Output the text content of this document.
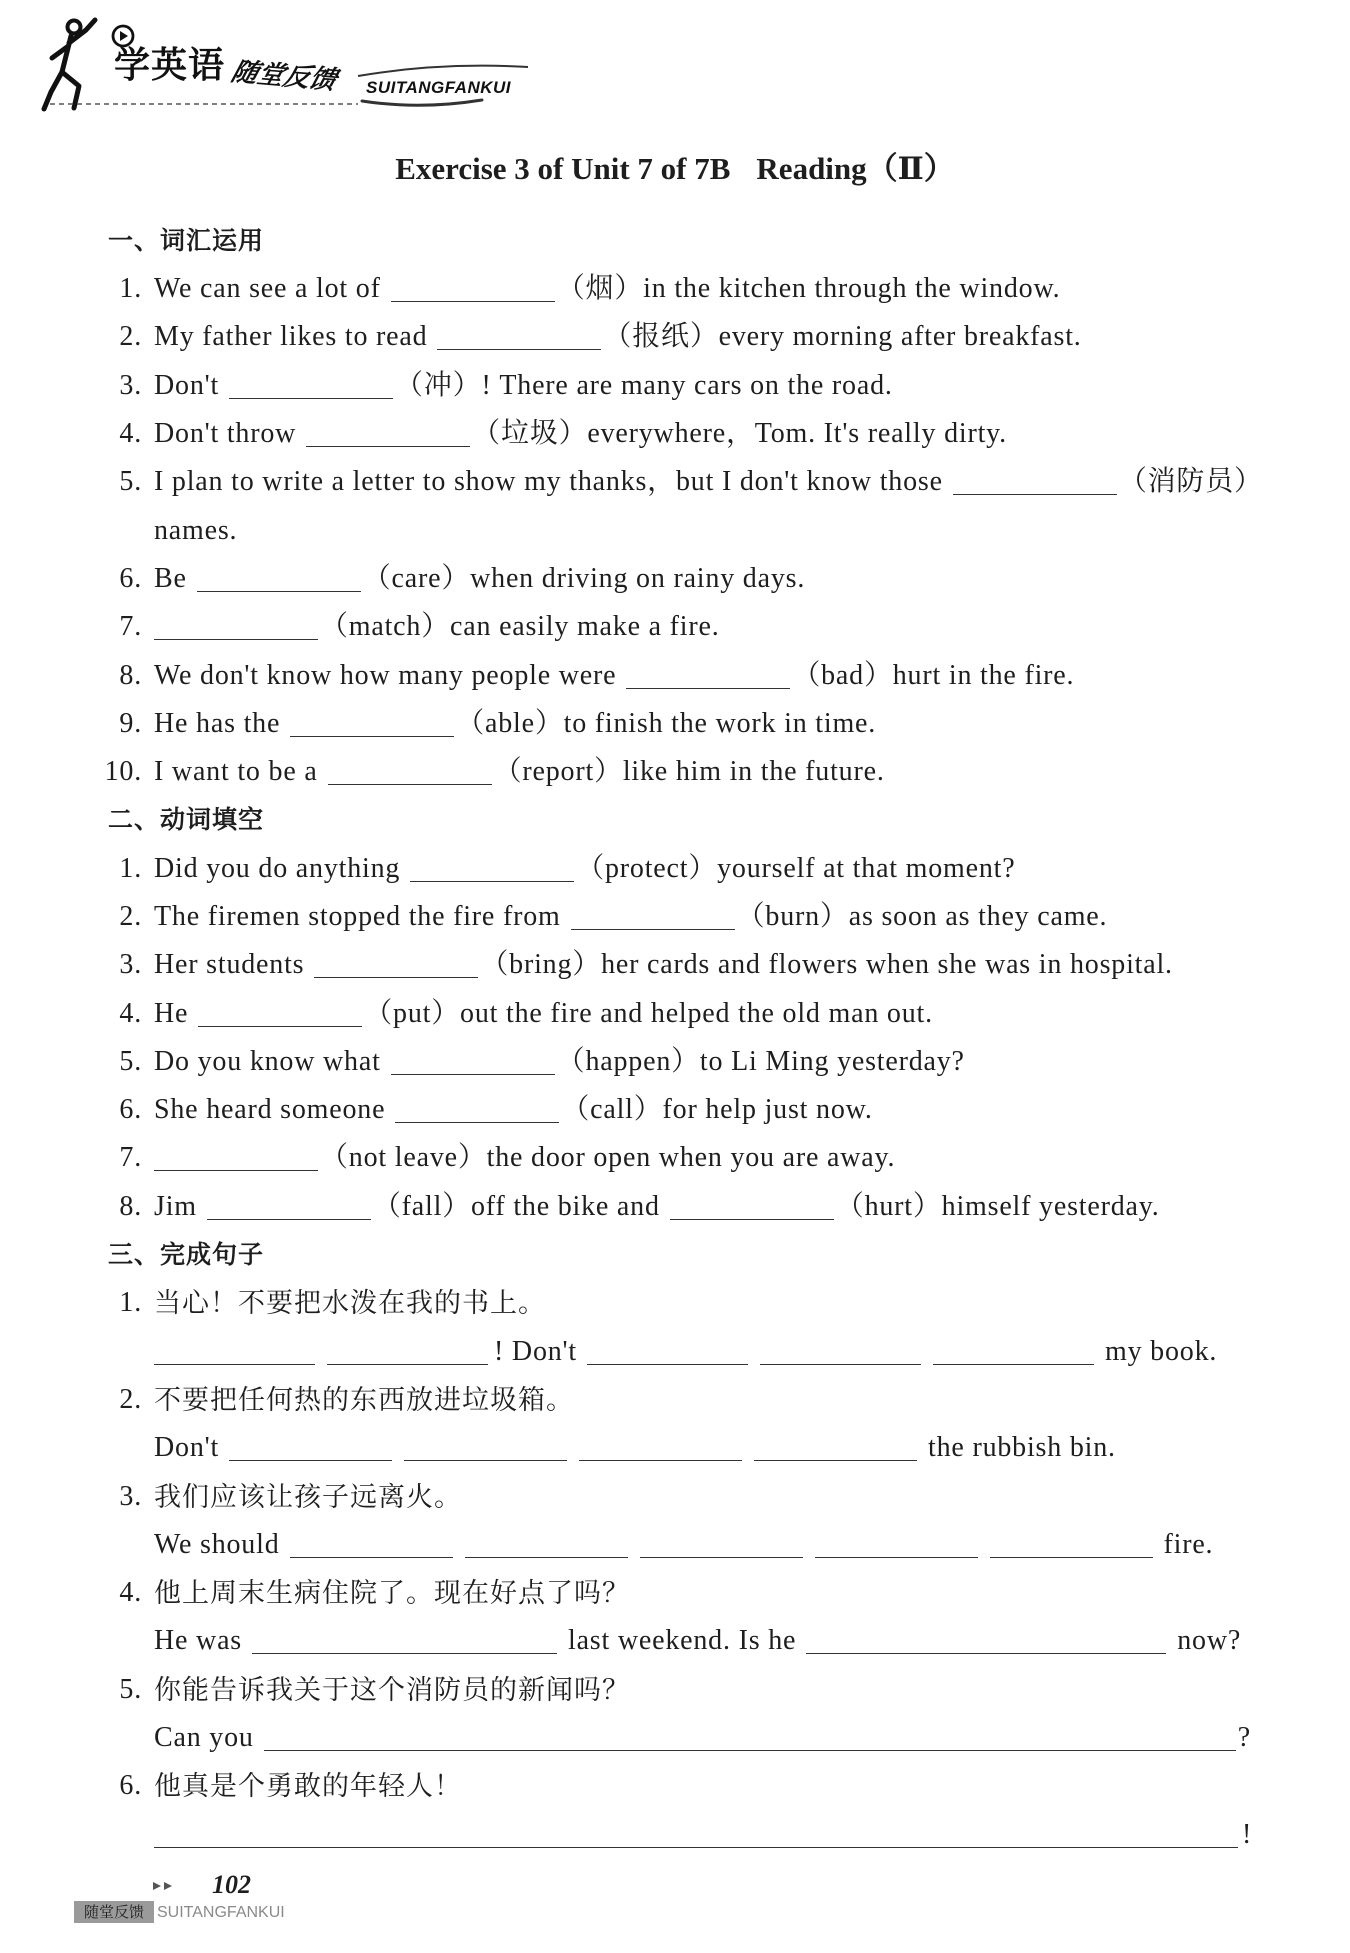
学英语 随堂反馈 SUITANGFANKUI
Exercise 3 of Unit 7 of 7B Reading（Ⅱ）
一、词汇运用
1. We can see a lot of	（烟）in the kitchen through the window.
2. My father likes to read	（报纸）every morning after breakfast.
3. Don't	（冲）! There are many cars on the road.
4. Don't throw	（垃圾）everywhere，Tom. It's really dirty.
5. I plan to write a letter to show my thanks，but I don't know those	（消防员）
names.
6. Be	（care）when driving on rainy days.
7.	（match）can easily make a fire.
8. We don't know how many people were	（bad）hurt in the fire.
9. He has the	（able）to finish the work in time.
10. I want to be a	（report）like him in the future.
二、动词填空
1. Did you do anything	（protect）yourself at that moment?
2. The firemen stopped the fire from	（burn）as soon as they came.
3. Her students	（bring）her cards and flowers when she was in hospital.
4. He	（put）out the fire and helped the old man out.
5. Do you know what	（happen）to Li Ming yesterday?
6. She heard someone	（call）for help just now.
7.	（not leave）the door open when you are away.
8. Jim	（fall）off the bike and	（hurt）himself yesterday.
三、完成句子
1. 当心！不要把水泼在我的书上。
! Don't	my book.
2. 不要把任何热的东西放进垃圾箱。
Don't	the rubbish bin.
3. 我们应该让孩子远离火。
We should	fire.
4. 他上周末生病住院了。现在好点了吗？
He was	last weekend. Is he	now?
5. 你能告诉我关于这个消防员的新闻吗？
Can you	?
6. 他真是个勇敢的年轻人！
!
102
随堂反馈 SUITANGFANKUI
